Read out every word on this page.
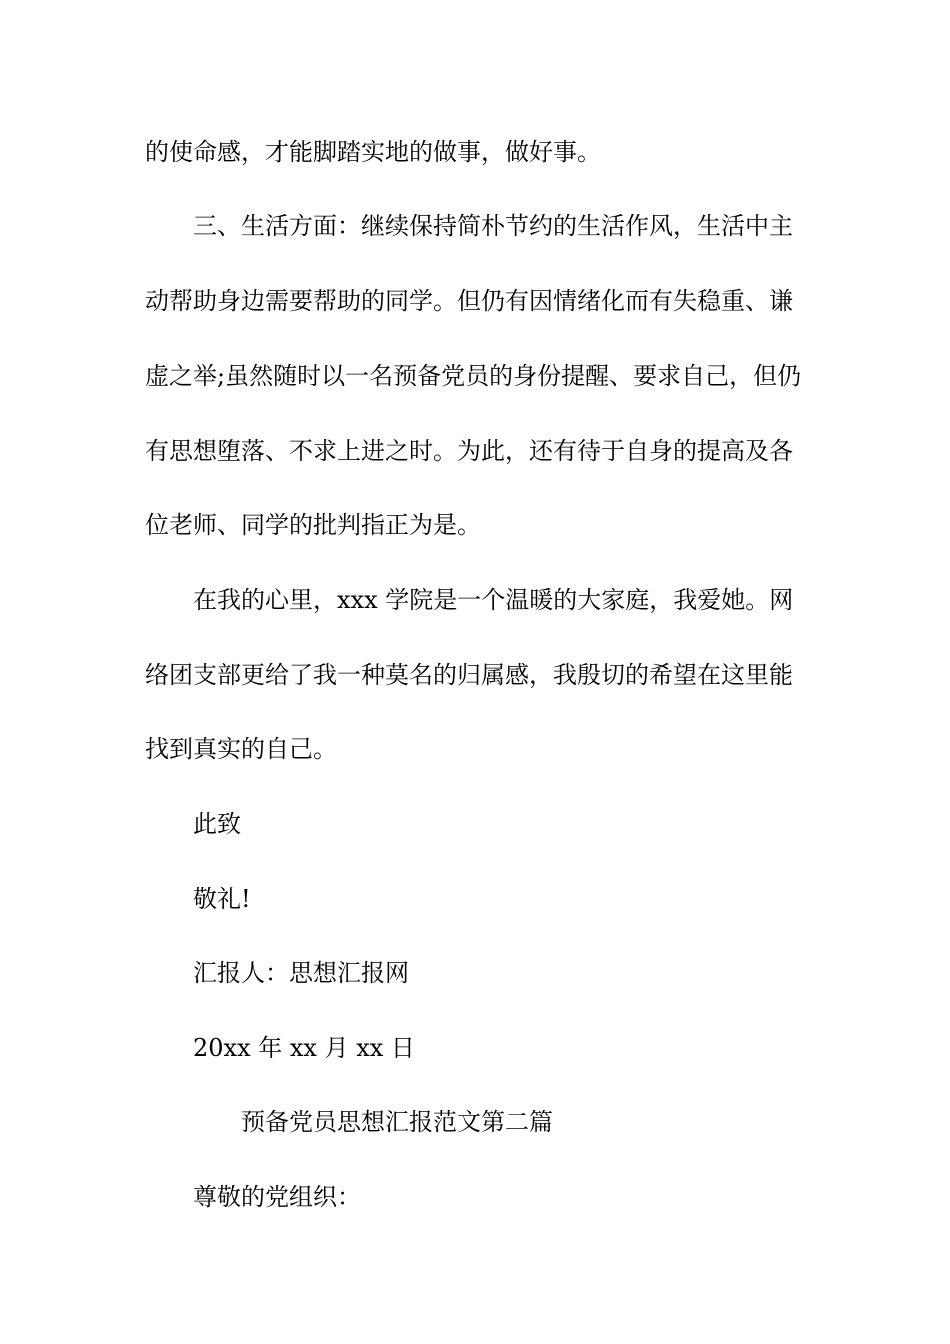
的使命感，才能脚踏实地的做事，做好事。
三、生活方面：继续保持简朴节约的生活作风，生活中主
动帮助身边需要帮助的同学。但仍有因情绪化而有失稳重、谦
虚之举;虽然随时以一名预备党员的身份提醒、要求自己，但仍
有思想堕落、不求上进之时。为此，还有待于自身的提高及各
位老师、同学的批判指正为是。
在我的心里，xxx 学院是一个温暖的大家庭，我爱她。网
络团支部更给了我一种莫名的归属感，我殷切的希望在这里能
找到真实的自己。
此致
敬礼!
汇报人：思想汇报网
20xx 年 xx 月 xx 日
预备党员思想汇报范文第二篇
尊敬的党组织：
